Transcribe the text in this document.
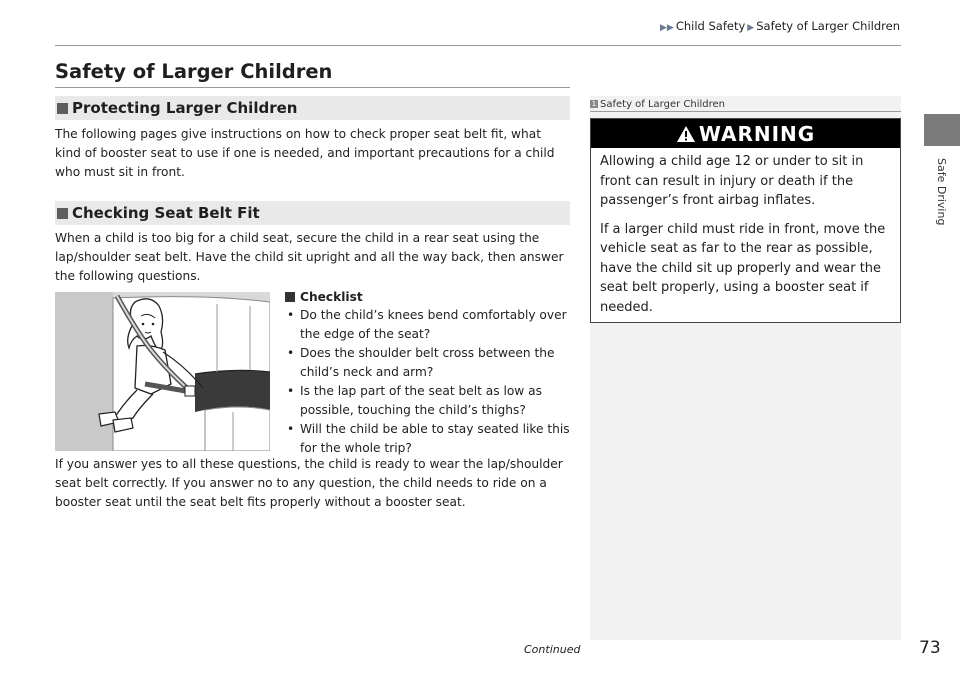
▶▶ Child Safety ▶ Safety of Larger Children
Safe Driving
Safety of Larger Children
Protecting Larger Children

The following pages give instructions on how to check proper seat belt fit, what kind of booster seat to use if one is needed, and important precautions for a child who must sit in front.

Checking Seat Belt Fit

When a child is too big for a child seat, secure the child in a rear seat using the lap/shoulder seat belt. Have the child sit upright and all the way back, then answer the following questions.

Checklist
• Do the child’s knees bend comfortably over the edge of the seat?
• Does the shoulder belt cross between the child’s neck and arm?
• Is the lap part of the seat belt as low as possible, touching the child’s thighs?
• Will the child be able to stay seated like this for the whole trip?

If you answer yes to all these questions, the child is ready to wear the lap/shoulder seat belt correctly. If you answer no to any question, the child needs to ride on a booster seat until the seat belt fits properly without a booster seat.

1 Safety of Larger Children
WARNING

Allowing a child age 12 or under to sit in front can result in injury or death if the passenger’s front airbag inflates.

If a larger child must ride in front, move the vehicle seat as far to the rear as possible, have the child sit up properly and wear the seat belt properly, using a booster seat if needed.

Continued	73
